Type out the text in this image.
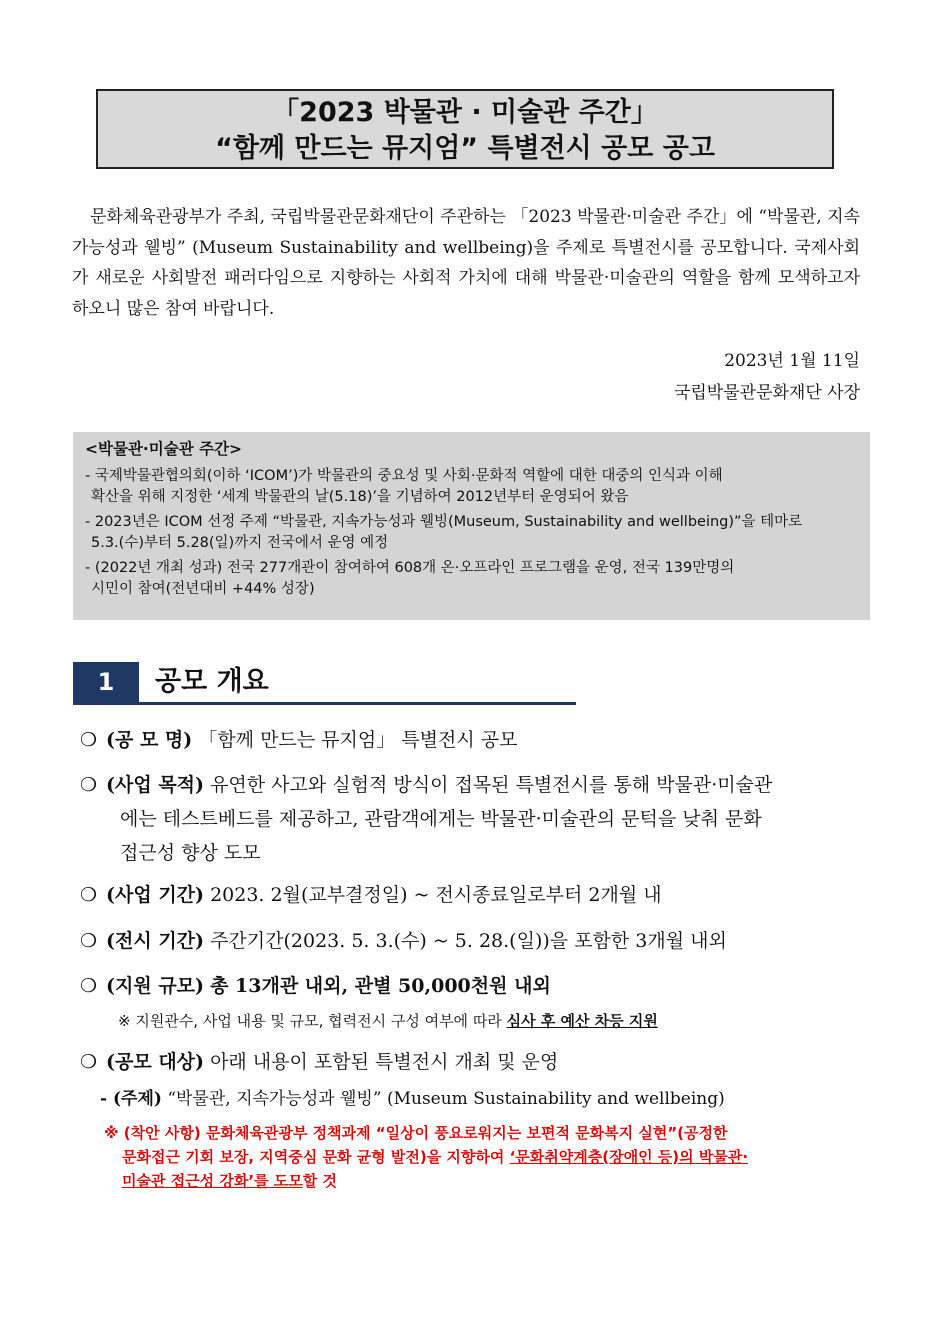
「2023 박물관 · 미술관 주간」
“함께 만드는 뮤지엄” 특별전시 공모 공고
문화체육관광부가 주최, 국립박물관문화재단이 주관하는 「2023 박물관·미술관 주간」에 “박물관, 지속가능성과 웰빙” (Museum Sustainability and wellbeing)을 주제로 특별전시를 공모합니다. 국제사회가 새로운 사회발전 패러다임으로 지향하는 사회적 가치에 대해 박물관·미술관의 역할을 함께 모색하고자 하오니 많은 참여 바랍니다.
2023년 1월 11일
국립박물관문화재단 사장
<박물관·미술관 주간>
- 국제박물관협의회(이하 ‘ICOM’)가 박물관의 중요성 및 사회·문화적 역할에 대한 대중의 인식과 이해
확산을 위해 지정한 ‘세계 박물관의 날(5.18)’을 기념하여 2012년부터 운영되어 왔음
- 2023년은 ICOM 선정 주제 “박물관, 지속가능성과 웰빙(Museum, Sustainability and wellbeing)”을 테마로
5.3.(수)부터 5.28(일)까지 전국에서 운영 예정
- (2022년 개최 성과) 전국 277개관이 참여하여 608개 온·오프라인 프로그램을 운영, 전국 139만명의
시민이 참여(전년대비 +44% 성장)
1	공모 개요
❍ (공 모 명) 「함께 만드는 뮤지엄」 특별전시 공모
❍ (사업 목적) 유연한 사고와 실험적 방식이 접목된 특별전시를 통해 박물관·미술관
에는 테스트베드를 제공하고, 관람객에게는 박물관·미술관의 문턱을 낮춰 문화
접근성 향상 도모
❍ (사업 기간) 2023. 2월(교부결정일) ~ 전시종료일로부터 2개월 내
❍ (전시 기간) 주간기간(2023. 5. 3.(수) ~ 5. 28.(일))을 포함한 3개월 내외
❍ (지원 규모) 총 13개관 내외, 관별 50,000천원 내외
※ 지원관수, 사업 내용 및 규모, 협력전시 구성 여부에 따라 심사 후 예산 차등 지원
❍ (공모 대상) 아래 내용이 포함된 특별전시 개최 및 운영
- (주제) “박물관, 지속가능성과 웰빙” (Museum Sustainability and wellbeing)
※ (착안 사항) 문화체육관광부 정책과제 “일상이 풍요로워지는 보편적 문화복지 실현”(공정한
문화접근 기회 보장, 지역중심 문화 균형 발전)을 지향하여 ‘문화취약계층(장애인 등)의 박물관·
미술관 접근성 강화’를 도모할 것
